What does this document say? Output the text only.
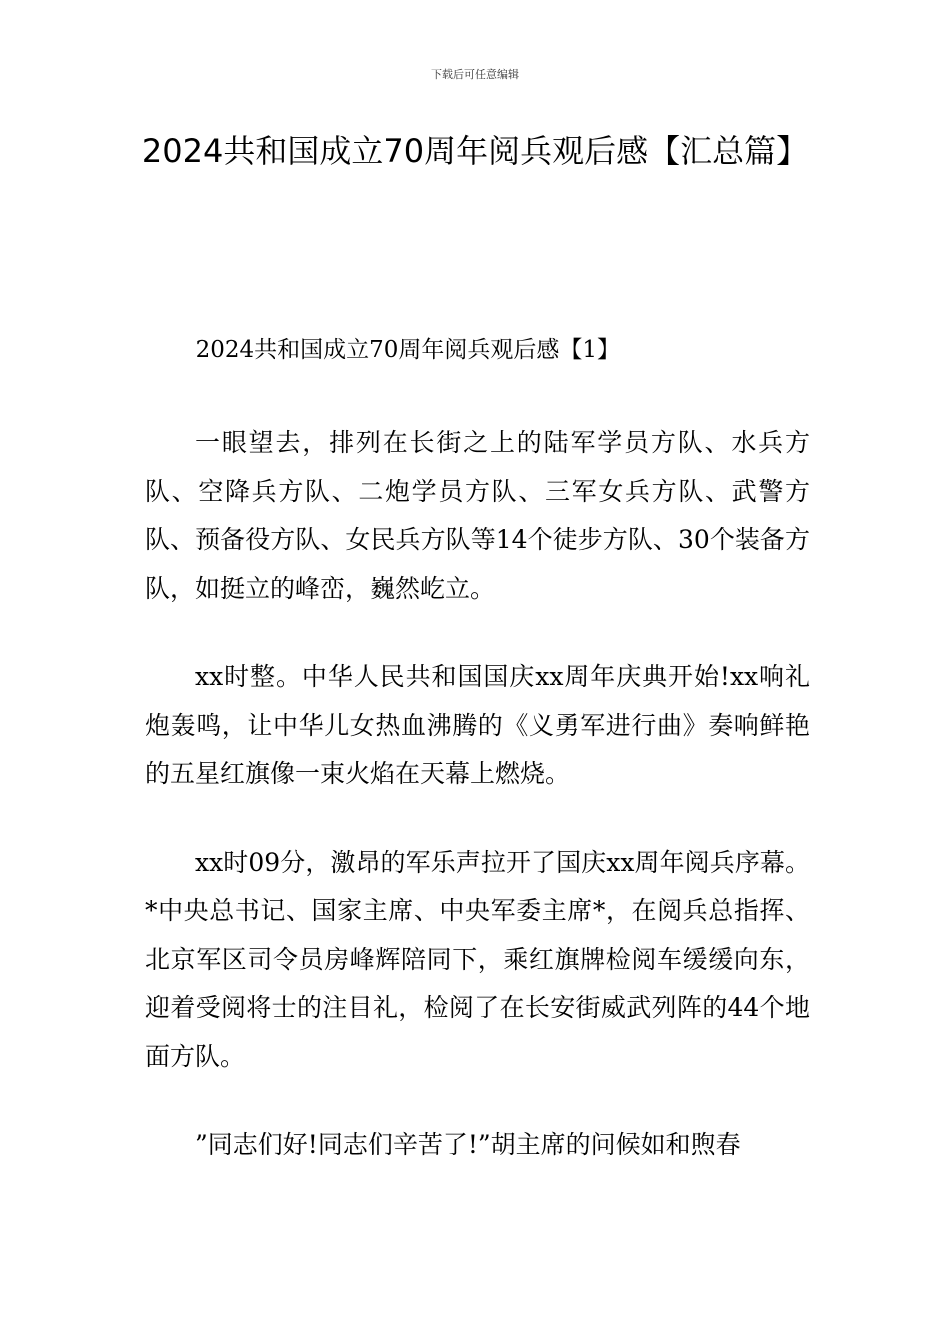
下载后可任意编辑
2024共和国成立70周年阅兵观后感【汇总篇】

2024共和国成立70周年阅兵观后感【1】

一眼望去，排列在长街之上的陆军学员方队、水兵方队、空降兵方队、二炮学员方队、三军女兵方队、武警方队、预备役方队、女民兵方队等14个徒步方队、30个装备方队，如挺立的峰峦，巍然屹立。

xx时整。中华人民共和国国庆xx周年庆典开始!xx响礼炮轰鸣，让中华儿女热血沸腾的《义勇军进行曲》奏响鲜艳的五星红旗像一束火焰在天幕上燃烧。

xx时09分，激昂的军乐声拉开了国庆xx周年阅兵序幕。*中央总书记、国家主席、中央军委主席*，在阅兵总指挥、北京军区司令员房峰辉陪同下，乘红旗牌检阅车缓缓向东，迎着受阅将士的注目礼，检阅了在长安街威武列阵的44个地面方队。

”同志们好!同志们辛苦了!”胡主席的问候如和煦春
